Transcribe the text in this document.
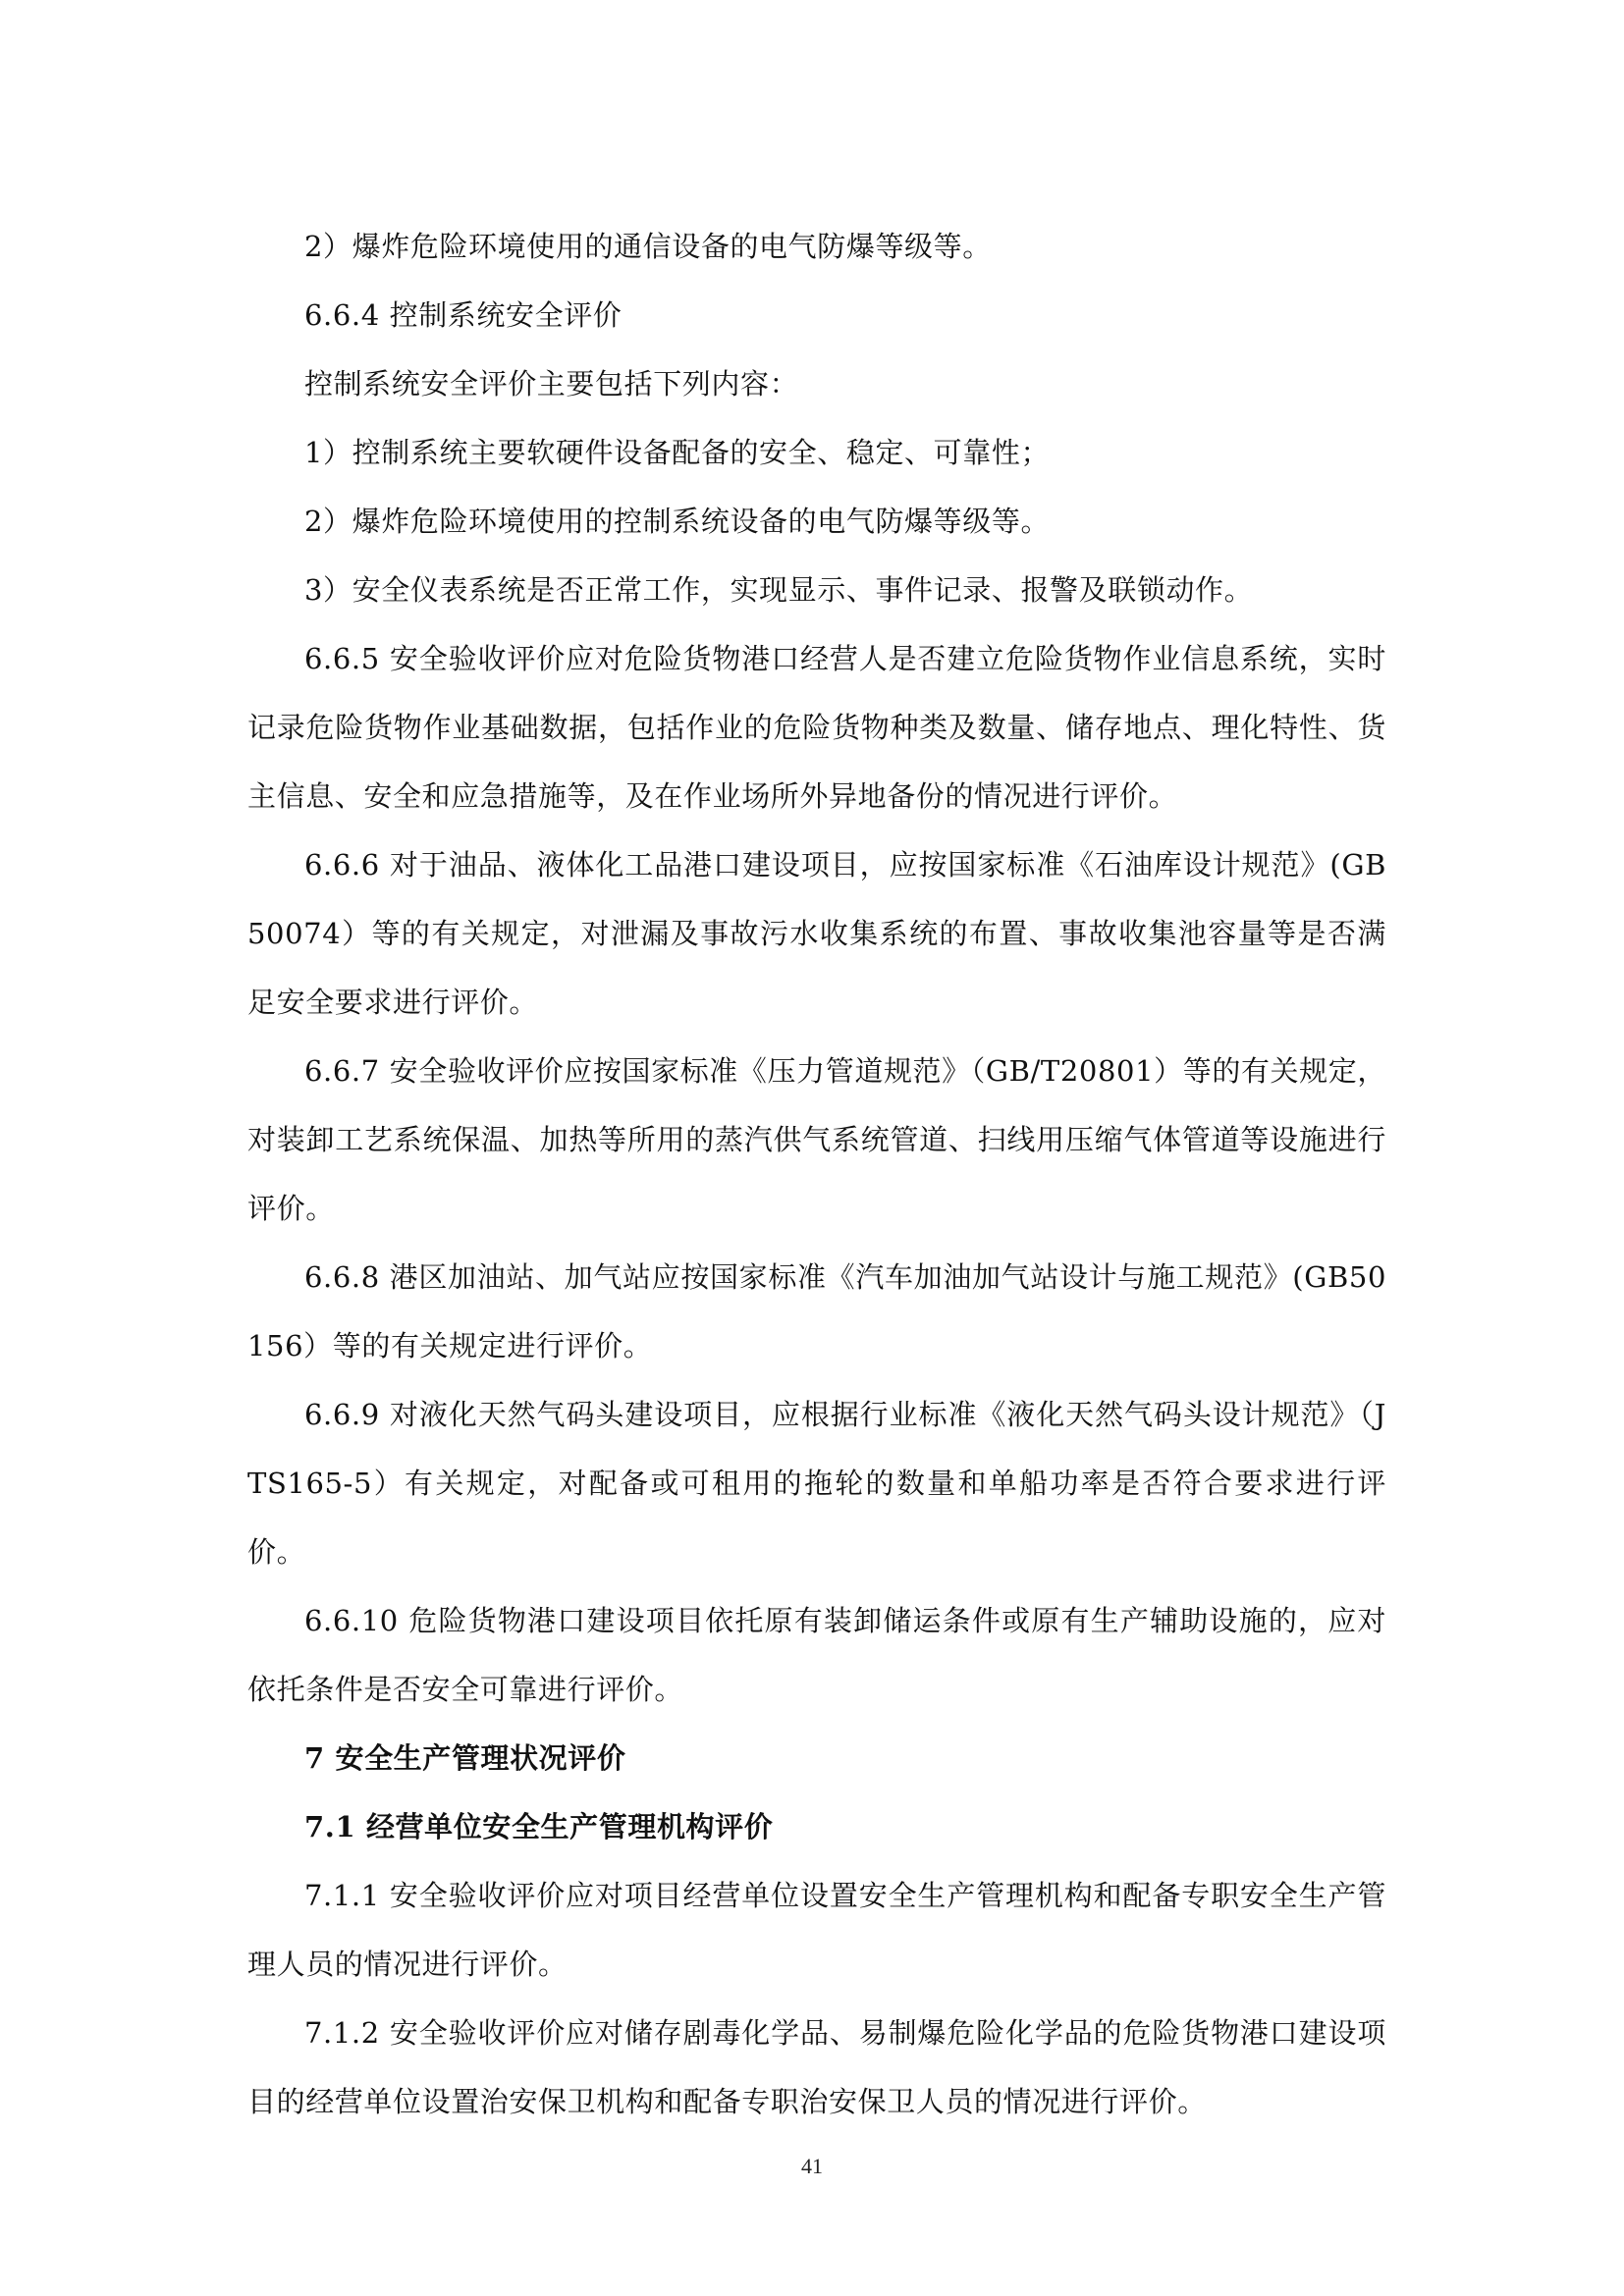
2）爆炸危险环境使用的通信设备的电气防爆等级等。

6.6.4 控制系统安全评价

控制系统安全评价主要包括下列内容：

1）控制系统主要软硬件设备配备的安全、稳定、可靠性；

2）爆炸危险环境使用的控制系统设备的电气防爆等级等。

3）安全仪表系统是否正常工作，实现显示、事件记录、报警及联锁动作。

6.6.5 安全验收评价应对危险货物港口经营人是否建立危险货物作业信息系统，实时记录危险货物作业基础数据，包括作业的危险货物种类及数量、储存地点、理化特性、货主信息、安全和应急措施等，及在作业场所外异地备份的情况进行评价。

6.6.6 对于油品、液体化工品港口建设项目，应按国家标准《石油库设计规范》(GB50074）等的有关规定，对泄漏及事故污水收集系统的布置、事故收集池容量等是否满足安全要求进行评价。

6.6.7 安全验收评价应按国家标准《压力管道规范》（GB/T20801）等的有关规定，对装卸工艺系统保温、加热等所用的蒸汽供气系统管道、扫线用压缩气体管道等设施进行评价。

6.6.8 港区加油站、加气站应按国家标准《汽车加油加气站设计与施工规范》(GB50156）等的有关规定进行评价。

6.6.9 对液化天然气码头建设项目，应根据行业标准《液化天然气码头设计规范》（JTS165-5）有关规定，对配备或可租用的拖轮的数量和单船功率是否符合要求进行评价。

6.6.10 危险货物港口建设项目依托原有装卸储运条件或原有生产辅助设施的，应对依托条件是否安全可靠进行评价。

7 安全生产管理状况评价

7.1 经营单位安全生产管理机构评价

7.1.1 安全验收评价应对项目经营单位设置安全生产管理机构和配备专职安全生产管理人员的情况进行评价。

7.1.2 安全验收评价应对储存剧毒化学品、易制爆危险化学品的危险货物港口建设项目的经营单位设置治安保卫机构和配备专职治安保卫人员的情况进行评价。

41
